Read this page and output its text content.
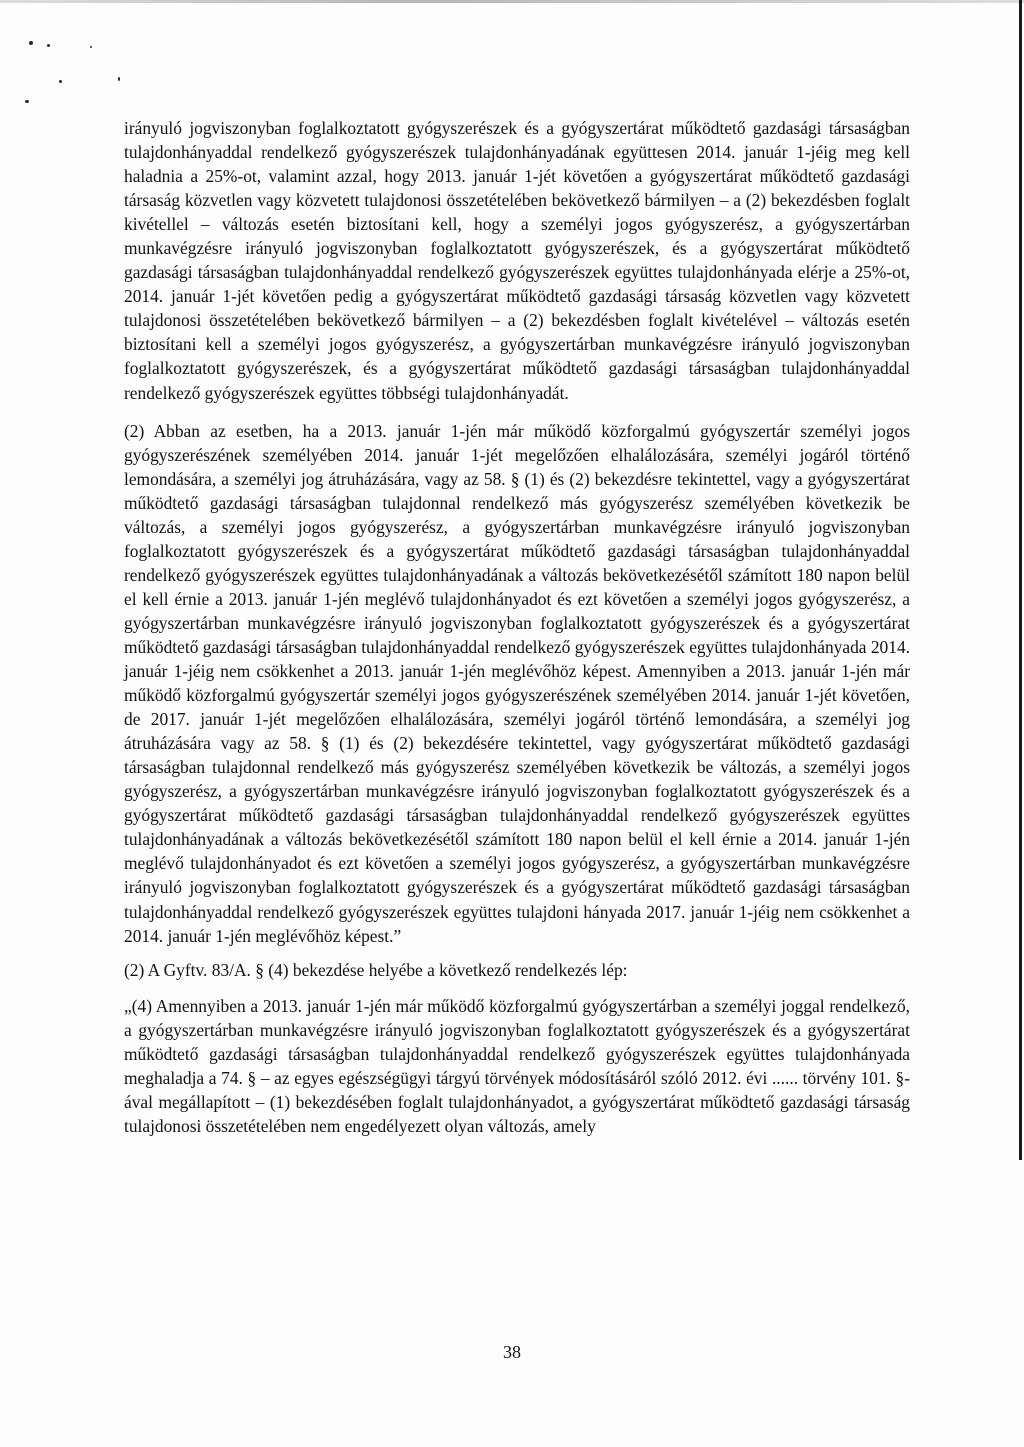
irányuló jogviszonyban foglalkoztatott gyógyszerészek és a gyógyszertárat működtető gazdasági társaságban tulajdonhányaddal rendelkező gyógyszerészek tulajdonhányadának együttesen 2014. január 1-jéig meg kell haladnia a 25%-ot, valamint azzal, hogy 2013. január 1-jét követően a gyógyszertárat működtető gazdasági társaság közvetlen vagy közvetett tulajdonosi összetételében bekövetkező bármilyen – a (2) bekezdésben foglalt kivétellel – változás esetén biztosítani kell, hogy a személyi jogos gyógyszerész, a gyógyszertárban munkavégzésre irányuló jogviszonyban foglalkoztatott gyógyszerészek, és a gyógyszertárat működtető gazdasági társaságban tulajdonhányaddal rendelkező gyógyszerészek együttes tulajdonhányada elérje a 25%-ot, 2014. január 1-jét követően pedig a gyógyszertárat működtető gazdasági társaság közvetlen vagy közvetett tulajdonosi összetételében bekövetkező bármilyen – a (2) bekezdésben foglalt kivételével – változás esetén biztosítani kell a személyi jogos gyógyszerész, a gyógyszertárban munkavégzésre irányuló jogviszonyban foglalkoztatott gyógyszerészek, és a gyógyszertárat működtető gazdasági társaságban tulajdonhányaddal rendelkező gyógyszerészek együttes többségi tulajdonhányadát.

(2) Abban az esetben, ha a 2013. január 1-jén már működő közforgalmú gyógyszertár személyi jogos gyógyszerészének személyében 2014. január 1-jét megelőzően elhalálozására, személyi jogáról történő lemondására, a személyi jog átruházására, vagy az 58. § (1) és (2) bekezdésre tekintettel, vagy a gyógyszertárat működtető gazdasági társaságban tulajdonnal rendelkező más gyógyszerész személyében következik be változás, a személyi jogos gyógyszerész, a gyógyszertárban munkavégzésre irányuló jogviszonyban foglalkoztatott gyógyszerészek és a gyógyszertárat működtető gazdasági társaságban tulajdonhányaddal rendelkező gyógyszerészek együttes tulajdonhányadának a változás bekövetkezésétől számított 180 napon belül el kell érnie a 2013. január 1-jén meglévő tulajdonhányadot és ezt követően a személyi jogos gyógyszerész, a gyógyszertárban munkavégzésre irányuló jogviszonyban foglalkoztatott gyógyszerészek és a gyógyszertárat működtető gazdasági társaságban tulajdonhányaddal rendelkező gyógyszerészek együttes tulajdonhányada 2014. január 1-jéig nem csökkenhet a 2013. január 1-jén meglévőhöz képest. Amennyiben a 2013. január 1-jén már működő közforgalmú gyógyszertár személyi jogos gyógyszerészének személyében 2014. január 1-jét követően, de 2017. január 1-jét megelőzően elhalálozására, személyi jogáról történő lemondására, a személyi jog átruházására vagy az 58. § (1) és (2) bekezdésére tekintettel, vagy gyógyszertárat működtető gazdasági társaságban tulajdonnal rendelkező más gyógyszerész személyében következik be változás, a személyi jogos gyógyszerész, a gyógyszertárban munkavégzésre irányuló jogviszonyban foglalkoztatott gyógyszerészek és a gyógyszertárat működtető gazdasági társaságban tulajdonhányaddal rendelkező gyógyszerészek együttes tulajdonhányadának a változás bekövetkezésétől számított 180 napon belül el kell érnie a 2014. január 1-jén meglévő tulajdonhányadot és ezt követően a személyi jogos gyógyszerész, a gyógyszertárban munkavégzésre irányuló jogviszonyban foglalkoztatott gyógyszerészek és a gyógyszertárat működtető gazdasági társaságban tulajdonhányaddal rendelkező gyógyszerészek együttes tulajdoni hányada 2017. január 1-jéig nem csökkenhet a 2014. január 1-jén meglévőhöz képest.”

(2) A Gyftv. 83/A. § (4) bekezdése helyébe a következő rendelkezés lép:

„(4) Amennyiben a 2013. január 1-jén már működő közforgalmú gyógyszertárban a személyi joggal rendelkező, a gyógyszertárban munkavégzésre irányuló jogviszonyban foglalkoztatott gyógyszerészek és a gyógyszertárat működtető gazdasági társaságban tulajdonhányaddal rendelkező gyógyszerészek együttes tulajdonhányada meghaladja a 74. § – az egyes egészségügyi tárgyú törvények módosításáról szóló 2012. évi ...... törvény 101. §-ával megállapított – (1) bekezdésében foglalt tulajdonhányadot, a gyógyszertárat működtető gazdasági társaság tulajdonosi összetételében nem engedélyezett olyan változás, amely

38
